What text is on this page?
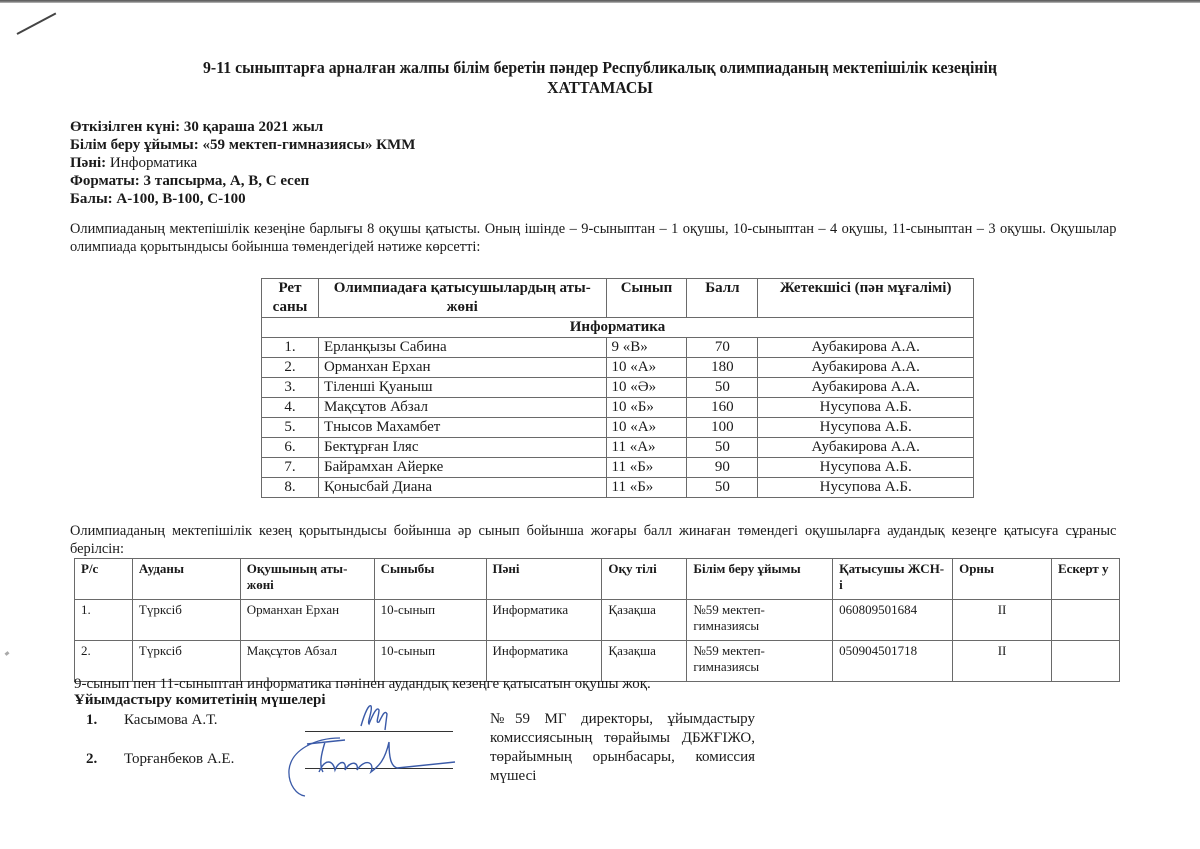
9-11 сыныптарға арналған жалпы білім беретін пәндер Республикалық олимпиаданың мектепішілік кезеңінің
ХАТТАМАСЫ
Өткізілген күні: 30 қараша 2021 жыл
Білім беру ұйымы: «59 мектеп-гимназиясы» КММ
Пәні: Информатика
Форматы: 3 тапсырма, А, В, С есеп
Балы: А-100, В-100, С-100
Олимпиаданың мектепішілік кезеңіне барлығы 8 оқушы қатысты. Оның ішінде – 9-сыныптан – 1 оқушы, 10-сыныптан – 4 оқушы, 11-сыныптан – 3 оқушы. Оқушылар олимпиада қорытындысы бойынша төмендегідей нәтиже көрсетті:
Рет саны	Олимпиадаға қатысушылардың аты-жөні	Сынып	Балл	Жетекшісі (пән мұғалімі)
Информатика				
1.	Ерланқызы Сабина	9 «В»	70	Аубакирова А.А.
2.	Орманхан Ерхан	10 «А»	180	Аубакирова А.А.
3.	Тіленші Қуаныш	10 «Ә»	50	Аубакирова А.А.
4.	Мақсұтов Абзал	10 «Б»	160	Нусупова А.Б.
5.	Тнысов Махамбет	10 «А»	100	Нусупова А.Б.
6.	Бектұрған Іляс	11 «А»	50	Аубакирова А.А.
7.	Байрамхан Айерке	11 «Б»	90	Нусупова А.Б.
8.	Қонысбай Диана	11 «Б»	50	Нусупова А.Б.
Олимпиаданың мектепішілік кезең қорытындысы бойынша әр сынып бойынша жоғары балл жинаған төмендегі оқушыларға аудандық кезеңге қатысуға сұраныс берілсін:
Р/с	Ауданы	Оқушының аты-жөні	Сыныбы	Пәні	Оқу тілі	Білім беру ұйымы	Қатысушы ЖСН-і	Орны	Ескерт у
1.	Түрксіб	Орманхан Ерхан	10-сынып	Информатика	Қазақша	№59 мектеп-гимназиясы	060809501684	II	
2.	Түрксіб	Мақсұтов Абзал	10-сынып	Информатика	Қазақша	№59 мектеп-гимназиясы	050904501718	II	
9-сынып пен 11-сыныптан информатика пәнінен аудандық кезеңге қатысатын оқушы жоқ.
Ұйымдастыру комитетінің мүшелері
1. Касымова А.Т.
2. Торғанбеков А.Е.
№59 МГ директоры, ұйымдастыру комиссиясының төрайымы ДБЖҒІЖО, төрайымның орынбасары, комиссия мүшесі
